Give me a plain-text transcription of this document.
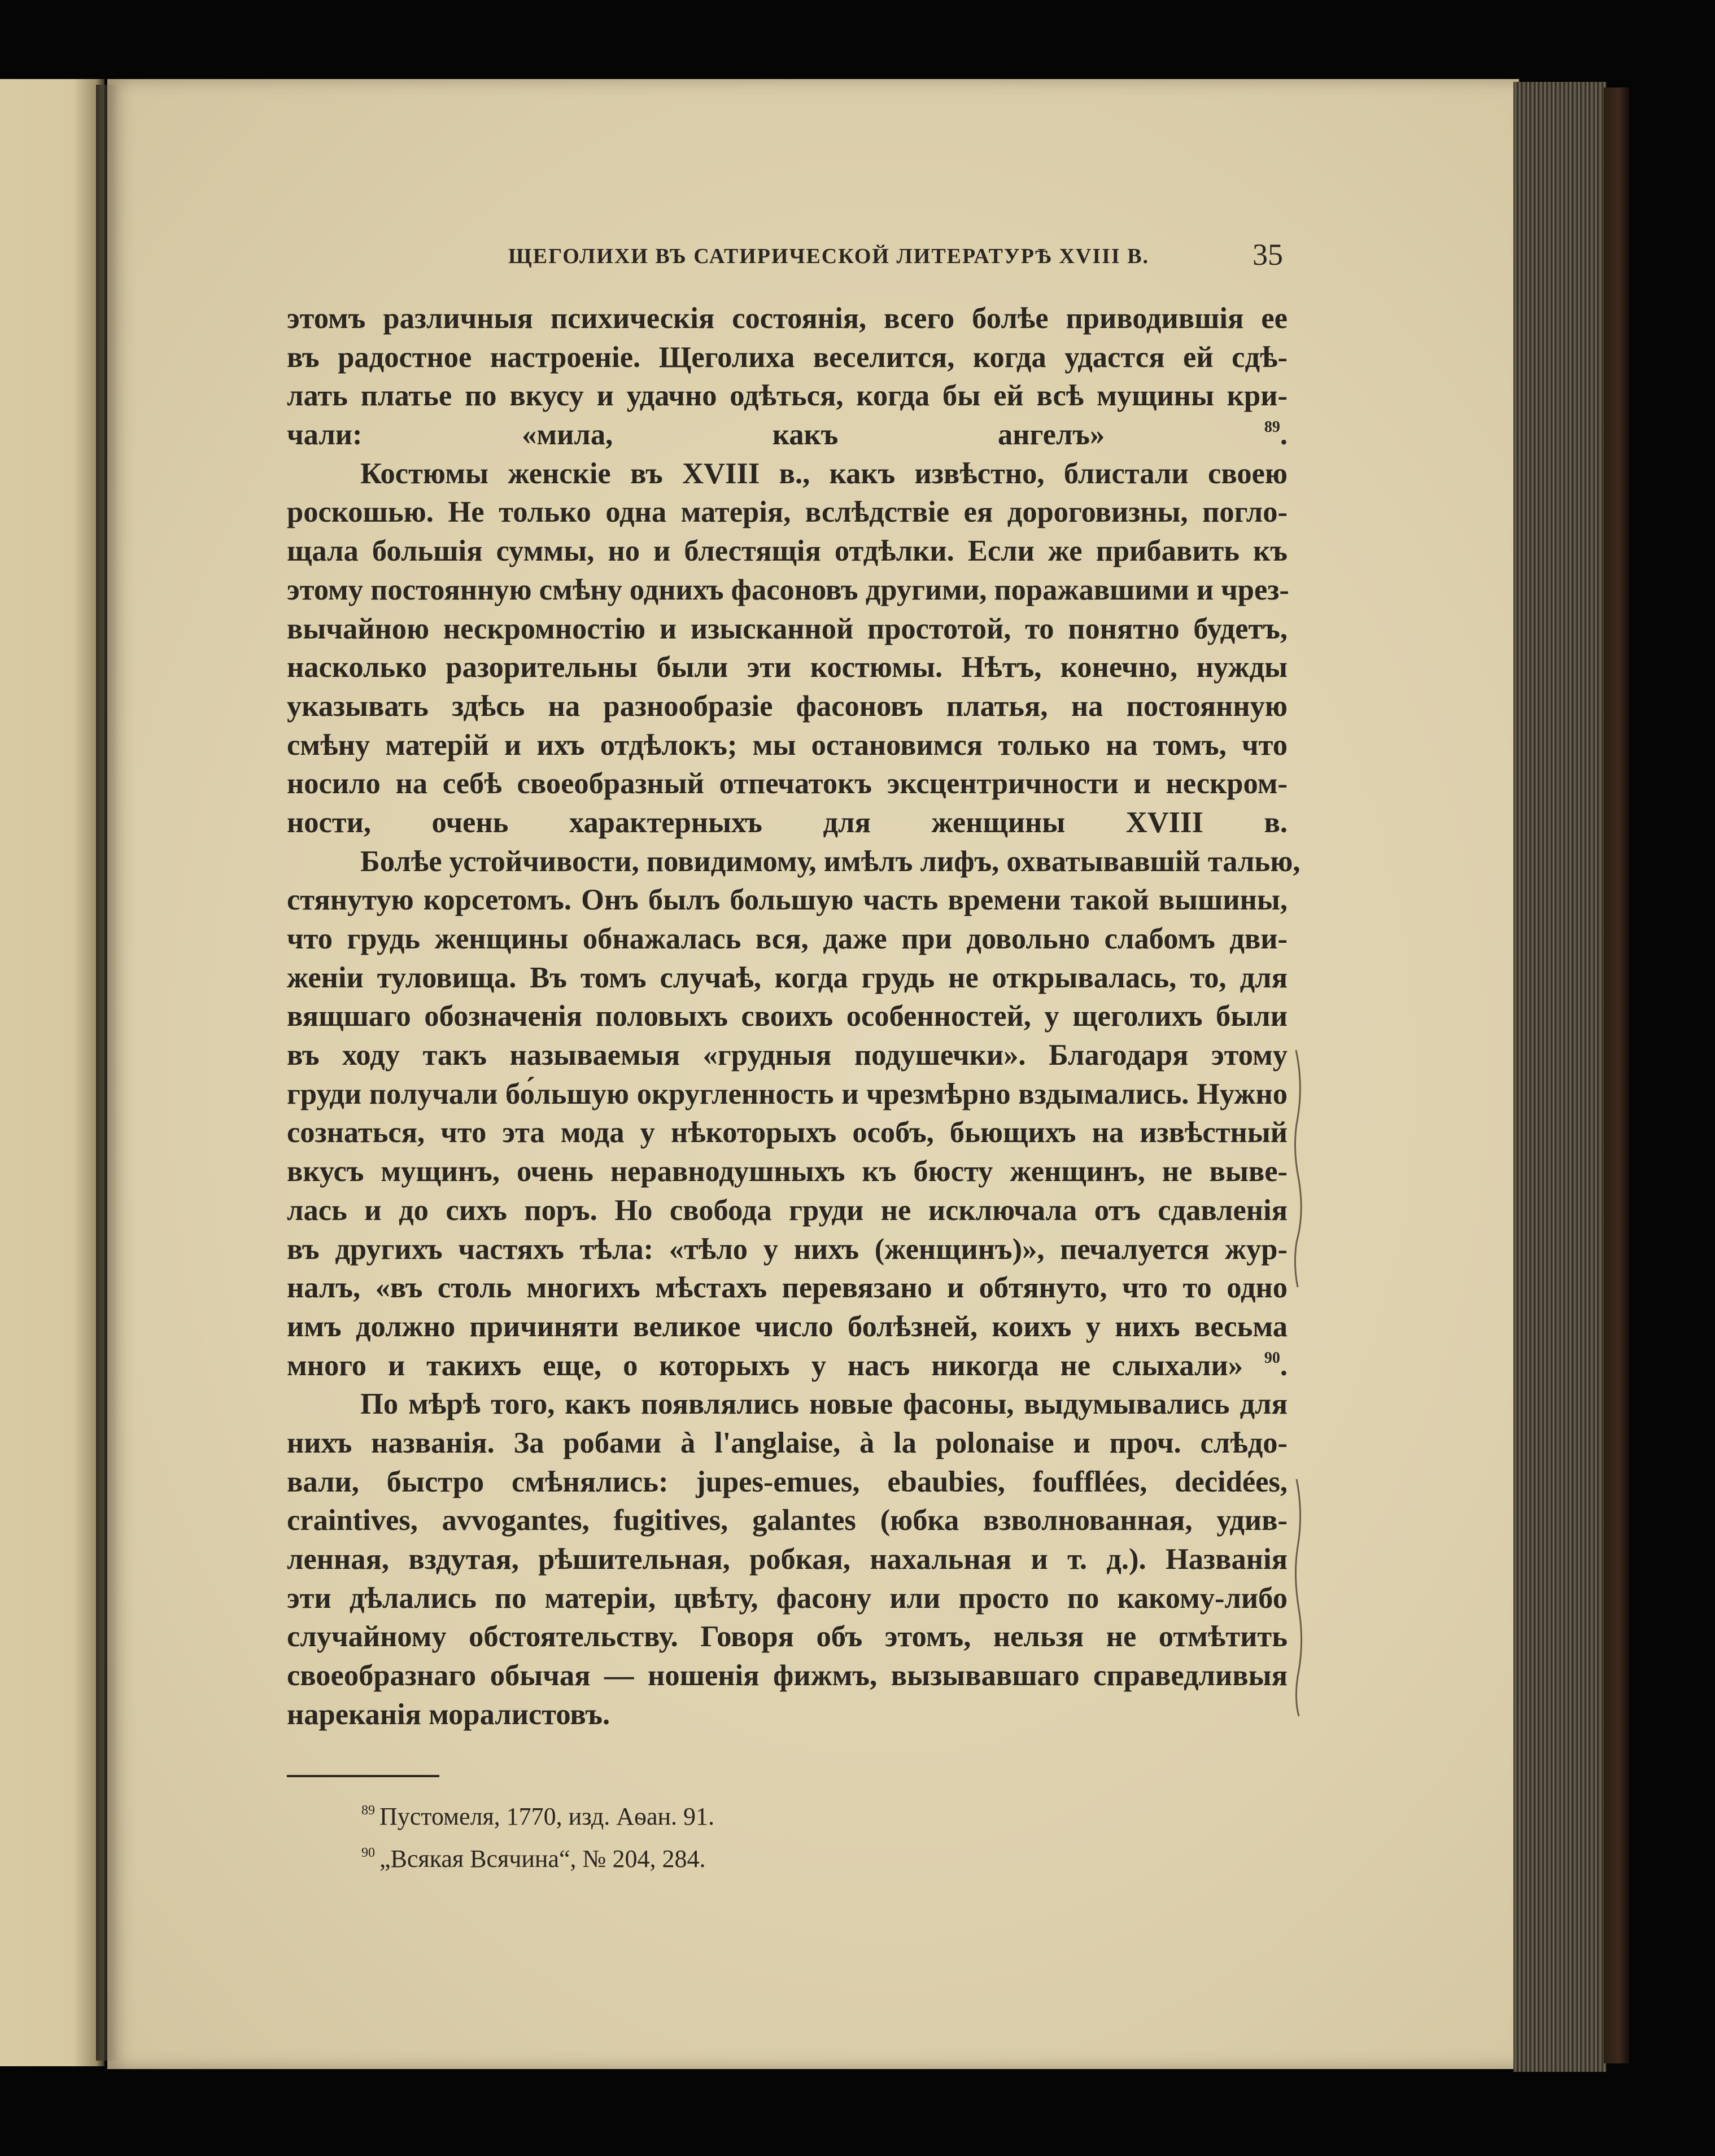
ЩЕГОЛИХИ ВЪ САТИРИЧЕСКОЙ ЛИТЕРАТУРѢ XVIII В.	35
этомъ различныя психическія состоянія, всего болѣе приводившія ее
въ радостное настроеніе. Щеголиха веселится, когда удастся ей сдѣ-
лать платье по вкусу и удачно одѣться, когда бы ей всѣ мущины кри-
чали: «мила, какъ ангелъ» $^{89}$.
Костюмы женскіе въ XVIII в., какъ извѣстно, блистали своею
роскошью. Не только одна матерія, вслѣдствіе ея дороговизны, погло-
щала большія суммы, но и блестящія отдѣлки. Если же прибавить къ
этому постоянную смѣну однихъ фасоновъ другими, поражавшими и чрез-
вычайною нескромностію и изысканной простотой, то понятно будетъ,
насколько разорительны были эти костюмы. Нѣтъ, конечно, нужды
указывать здѣсь на разнообразіе фасоновъ платья, на постоянную
смѣну матерій и ихъ отдѣлокъ; мы остановимся только на томъ, что
носило на себѣ своеобразный отпечатокъ эксцентричности и нескром-
ности, очень характерныхъ для женщины XVIII в.
Болѣе устойчивости, повидимому, имѣлъ лифъ, охватывавшій талью,
стянутую корсетомъ. Онъ былъ большую часть времени такой вышины,
что грудь женщины обнажалась вся, даже при довольно слабомъ дви-
женіи туловища. Въ томъ случаѣ, когда грудь не открывалась, то, для
вящшаго обозначенія половыхъ своихъ особенностей, у щеголихъ были
въ ходу такъ называемыя «грудныя подушечки». Благодаря этому
груди получали бо́льшую округленность и чрезмѣрно вздымались. Нужно
сознаться, что эта мода у нѣкоторыхъ особъ, бьющихъ на извѣстный
вкусъ мущинъ, очень неравнодушныхъ къ бюсту женщинъ, не выве-
лась и до сихъ поръ. Но свобода груди не исключала отъ сдавленія
въ другихъ частяхъ тѣла: «тѣло у нихъ (женщинъ)», печалуется жур-
налъ, «въ столь многихъ мѣстахъ перевязано и обтянуто, что то одно
имъ должно причиняти великое число болѣзней, коихъ у нихъ весьма
много и такихъ еще, о которыхъ у насъ никогда не слыхали» $^{90}$.
По мѣрѣ того, какъ появлялись новые фасоны, выдумывались для
нихъ названія. За робами à l'anglaise, à la polonaise и проч. слѣдо-
вали, быстро смѣнялись: jupes-emues, ebaubies, foufflées, decidées,
craintives, avvogantes, fugitives, galantes (юбка взволнованная, удив-
ленная, вздутая, рѣшительная, робкая, нахальная и т. д.). Названія
эти дѣлались по матеріи, цвѣту, фасону или просто по какому-либо
случайному обстоятельству. Говоря объ этомъ, нельзя не отмѣтить
своеобразнаго обычая — ношенія фижмъ, вызывавшаго справедливыя
нареканія моралистовъ.
$^{89}$ Пустомеля, 1770, изд. Аѳан. 91.
$^{90}$ „Всякая Всячина“, № 204, 284.
